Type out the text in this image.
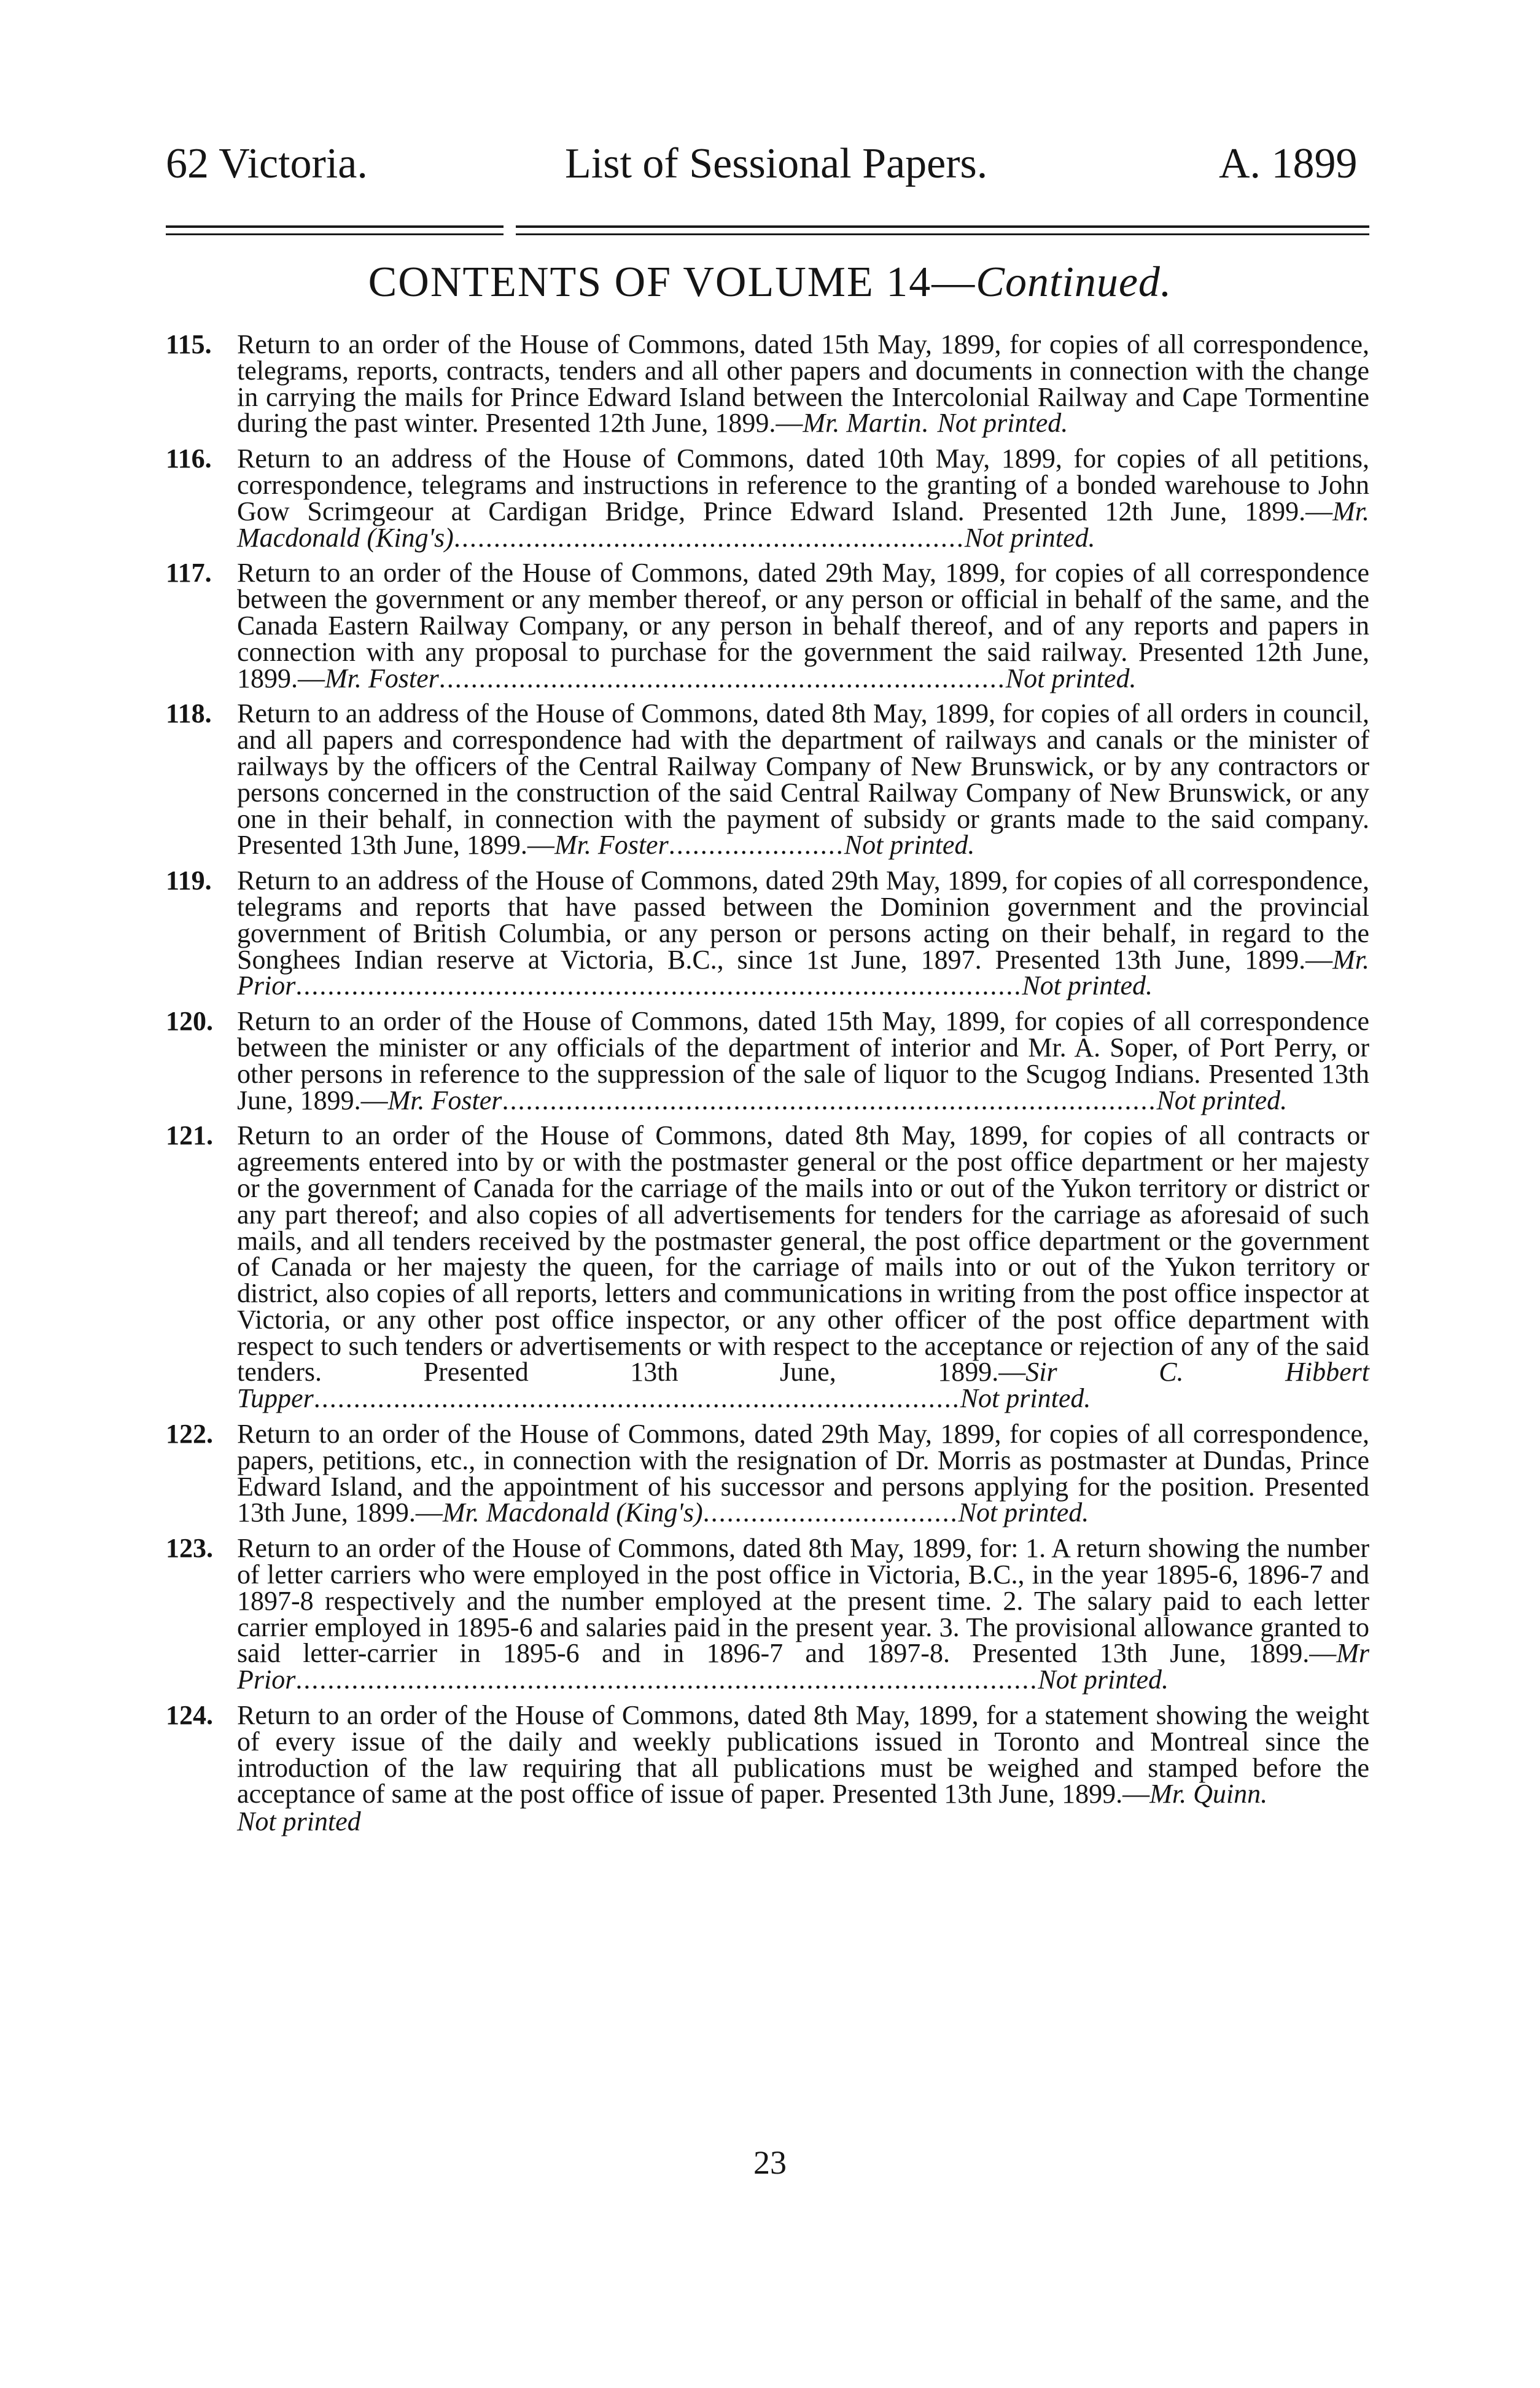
62 Victoria.	List of Sessional Papers.	A. 1899
CONTENTS OF VOLUME 14—Continued.
115. Return to an order of the House of Commons, dated 15th May, 1899, for copies of all correspondence, telegrams, reports, contracts, tenders and all other papers and documents in connection with the change in carrying the mails for Prince Edward Island between the Intercolonial Railway and Cape Tormentine during the past winter. Presented 12th June, 1899.—Mr. Martin. Not printed.
116. Return to an address of the House of Commons, dated 10th May, 1899, for copies of all petitions, correspondence, telegrams and instructions in reference to the granting of a bonded warehouse to John Gow Scrimgeour at Cardigan Bridge, Prince Edward Island. Presented 12th June, 1899.—Mr. Macdonald (King's)................................................................Not printed.
117. Return to an order of the House of Commons, dated 29th May, 1899, for copies of all correspondence between the government or any member thereof, or any person or official in behalf of the same, and the Canada Eastern Railway Company, or any person in behalf thereof, and of any reports and papers in connection with any proposal to purchase for the government the said railway. Presented 12th June, 1899.—Mr. Foster.......................................................................Not printed.
118. Return to an address of the House of Commons, dated 8th May, 1899, for copies of all orders in council, and all papers and correspondence had with the department of railways and canals or the minister of railways by the officers of the Central Railway Company of New Brunswick, or by any contractors or persons concerned in the construction of the said Central Railway Company of New Brunswick, or any one in their behalf, in connection with the payment of subsidy or grants made to the said company. Presented 13th June, 1899.—Mr. Foster......................Not printed.
119. Return to an address of the House of Commons, dated 29th May, 1899, for copies of all correspondence, telegrams and reports that have passed between the Dominion government and the provincial government of British Columbia, or any person or persons acting on their behalf, in regard to the Songhees Indian reserve at Victoria, B.C., since 1st June, 1897. Presented 13th June, 1899.—Mr. Prior...........................................................................................Not printed.
120. Return to an order of the House of Commons, dated 15th May, 1899, for copies of all correspondence between the minister or any officials of the department of interior and Mr. A. Soper, of Port Perry, or other persons in reference to the suppression of the sale of liquor to the Scugog Indians. Presented 13th June, 1899.—Mr. Foster..................................................................................Not printed.
121. Return to an order of the House of Commons, dated 8th May, 1899, for copies of all contracts or agreements entered into by or with the postmaster general or the post office department or her majesty or the government of Canada for the carriage of the mails into or out of the Yukon territory or district or any part thereof; and also copies of all advertisements for tenders for the carriage as aforesaid of such mails, and all tenders received by the postmaster general, the post office department or the government of Canada or her majesty the queen, for the carriage of mails into or out of the Yukon territory or district, also copies of all reports, letters and communications in writing from the post office inspector at Victoria, or any other post office inspector, or any other officer of the post office department with respect to such tenders or advertisements or with respect to the acceptance or rejection of any of the said tenders. Presented 13th June, 1899.—Sir C. Hibbert Tupper.................................................................................Not printed.
122. Return to an order of the House of Commons, dated 29th May, 1899, for copies of all correspondence, papers, petitions, etc., in connection with the resignation of Dr. Morris as postmaster at Dundas, Prince Edward Island, and the appointment of his successor and persons applying for the position. Presented 13th June, 1899.—Mr. Macdonald (King's)................................Not printed.
123. Return to an order of the House of Commons, dated 8th May, 1899, for: 1. A return showing the number of letter carriers who were employed in the post office in Victoria, B.C., in the year 1895-6, 1896-7 and 1897-8 respectively and the number employed at the present time. 2. The salary paid to each letter carrier employed in 1895-6 and salaries paid in the present year. 3. The provisional allowance granted to said letter-carrier in 1895-6 and in 1896-7 and 1897-8. Presented 13th June, 1899.—Mr Prior.............................................................................................Not printed.
124. Return to an order of the House of Commons, dated 8th May, 1899, for a statement showing the weight of every issue of the daily and weekly publications issued in Toronto and Montreal since the introduction of the law requiring that all publications must be weighed and stamped before the acceptance of same at the post office of issue of paper. Presented 13th June, 1899.—Mr. Quinn.
Not printed
23
